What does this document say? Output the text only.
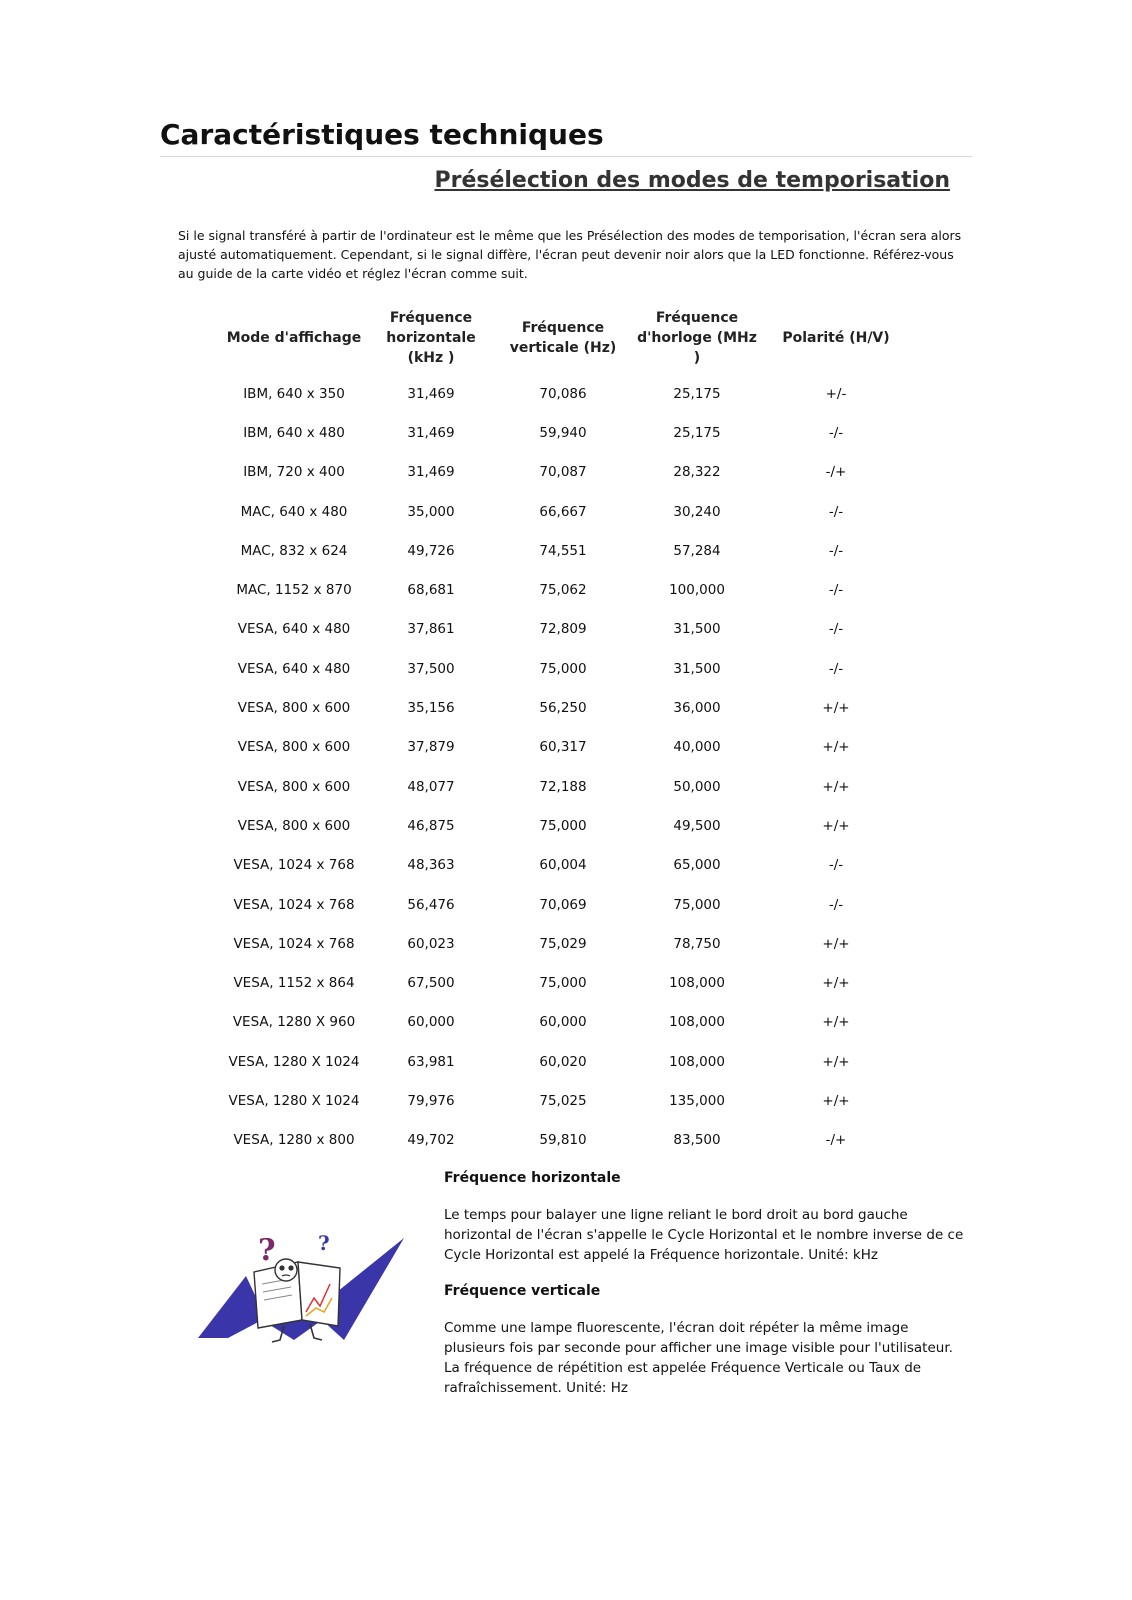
Caractéristiques techniques
Présélection des modes de temporisation

Si le signal transféré à partir de l'ordinateur est le même que les Présélection des modes de temporisation, l'écran sera alors ajusté automatiquement. Cependant, si le signal diffère, l'écran peut devenir noir alors que la LED fonctionne. Référez-vous au guide de la carte vidéo et réglez l'écran comme suit.

Mode d'affichage	Fréquence horizontale (kHz )	Fréquence verticale (Hz)	Fréquence d'horloge (MHz )	Polarité (H/V)
IBM, 640 x 350	31,469	70,086	25,175	+/-
IBM, 640 x 480	31,469	59,940	25,175	-/-
IBM, 720 x 400	31,469	70,087	28,322	-/+
MAC, 640 x 480	35,000	66,667	30,240	-/-
MAC, 832 x 624	49,726	74,551	57,284	-/-
MAC, 1152 x 870	68,681	75,062	100,000	-/-
VESA, 640 x 480	37,861	72,809	31,500	-/-
VESA, 640 x 480	37,500	75,000	31,500	-/-
VESA, 800 x 600	35,156	56,250	36,000	+/+
VESA, 800 x 600	37,879	60,317	40,000	+/+
VESA, 800 x 600	48,077	72,188	50,000	+/+
VESA, 800 x 600	46,875	75,000	49,500	+/+
VESA, 1024 x 768	48,363	60,004	65,000	-/-
VESA, 1024 x 768	56,476	70,069	75,000	-/-
VESA, 1024 x 768	60,023	75,029	78,750	+/+
VESA, 1152 x 864	67,500	75,000	108,000	+/+
VESA, 1280 X 960	60,000	60,000	108,000	+/+
VESA, 1280 X 1024	63,981	60,020	108,000	+/+
VESA, 1280 X 1024	79,976	75,025	135,000	+/+
VESA, 1280 x 800	49,702	59,810	83,500	-/+
? ?

Fréquence horizontale

Le temps pour balayer une ligne reliant le bord droit au bord gauche horizontal de l'écran s'appelle le Cycle Horizontal et le nombre inverse de ce Cycle Horizontal est appelé la Fréquence horizontale. Unité: kHz

Fréquence verticale

Comme une lampe fluorescente, l'écran doit répéter la même image plusieurs fois par seconde pour afficher une image visible pour l'utilisateur. La fréquence de répétition est appelée Fréquence Verticale ou Taux de rafraîchissement. Unité: Hz
